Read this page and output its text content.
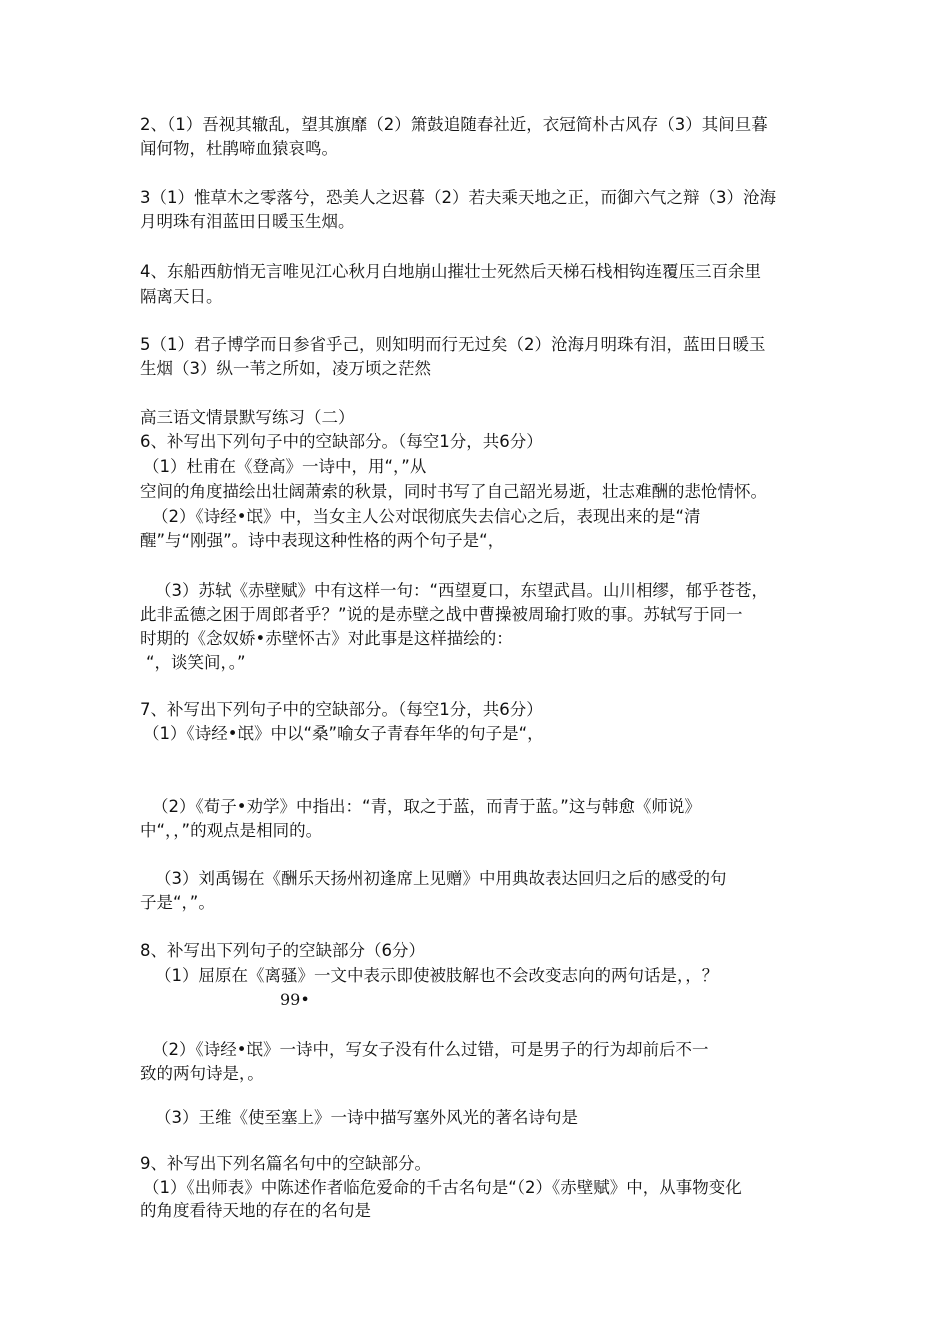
2、（1）吾视其辙乱，望其旗靡（2）箫鼓追随春社近，衣冠简朴古风存（3）其间旦暮
闻何物，杜鹃啼血猿哀鸣。
3（1）惟草木之零落兮，恐美人之迟暮（2）若夫乘天地之正，而御六气之辩（3）沧海
月明珠有泪蓝田日暖玉生烟。
4、东船西舫悄无言唯见江心秋月白地崩山摧壮士死然后天梯石栈相钩连覆压三百余里
隔离天日。
5（1）君子博学而日参省乎己，则知明而行无过矣（2）沧海月明珠有泪，蓝田日暖玉
生烟（3）纵一苇之所如，凌万顷之茫然
高三语文情景默写练习（二）
6、补写出下列句子中的空缺部分。（每空1分，共6分）
（1）杜甫在《登高》一诗中，用“，”从
空间的角度描绘出壮阔萧索的秋景，同时书写了自己韶光易逝，壮志难酬的悲怆情怀。
（2）《诗经•氓》中，当女主人公对氓彻底失去信心之后，表现出来的是“清
醒”与“刚强”。诗中表现这种性格的两个句子是“，
（3）苏轼《赤壁赋》中有这样一句：“西望夏口，东望武昌。山川相缪，郁乎苍苍，
此非孟德之困于周郎者乎？”说的是赤壁之战中曹操被周瑜打败的事。苏轼写于同一
时期的《念奴娇•赤壁怀古》对此事是这样描绘的：
“，谈笑间，。”
7、补写出下列句子中的空缺部分。（每空1分，共6分）
（1）《诗经•氓》中以“桑”喻女子青春年华的句子是“，
（2）《荀子•劝学》中指出：“青，取之于蓝，而青于蓝。”这与韩愈《师说》
中“，，”的观点是相同的。
（3）刘禹锡在《酬乐天扬州初逢席上见赠》中用典故表达回归之后的感受的句
子是“，”。
8、补写出下列句子的空缺部分（6分）
（1）屈原在《离骚》一文中表示即使被肢解也不会改变志向的两句话是，，？
99•
（2）《诗经•氓》一诗中，写女子没有什么过错，可是男子的行为却前后不一
致的两句诗是，。
（3）王维《使至塞上》一诗中描写塞外风光的著名诗句是
9、补写出下列名篇名句中的空缺部分。
（1）《出师表》中陈述作者临危爱命的千古名句是“（2）《赤壁赋》中，从事物变化
的角度看待天地的存在的名句是
